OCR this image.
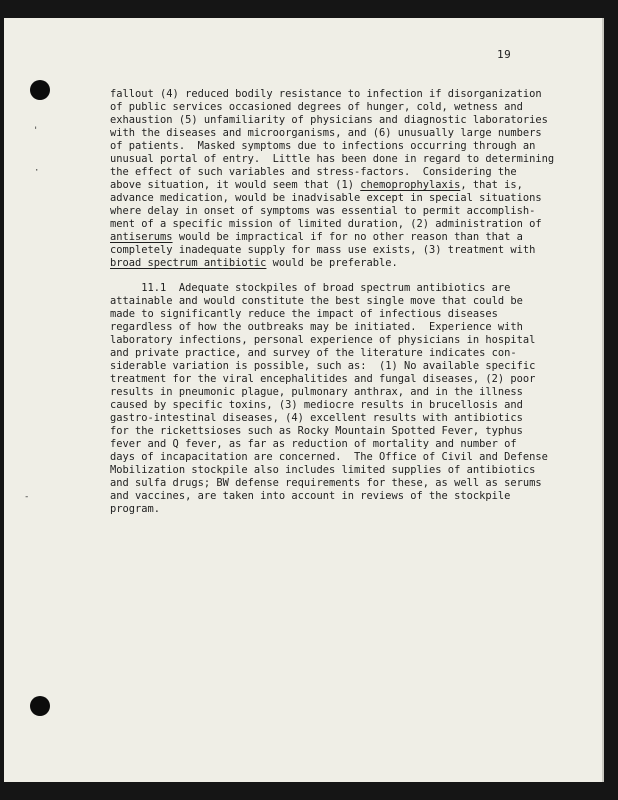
'
·
-
19
fallout (4) reduced bodily resistance to infection if disorganization
of public services occasioned degrees of hunger, cold, wetness and
exhaustion (5) unfamiliarity of physicians and diagnostic laboratories
with the diseases and microorganisms, and (6) unusually large numbers
of patients.  Masked symptoms due to infections occurring through an
unusual portal of entry.  Little has been done in regard to determining
the effect of such variables and stress-factors.  Considering the
above situation, it would seem that (1) chemoprophylaxis, that is,
advance medication, would be inadvisable except in special situations
where delay in onset of symptoms was essential to permit accomplish-
ment of a specific mission of limited duration, (2) administration of
antiserums would be impractical if for no other reason than that a
completely inadequate supply for mass use exists, (3) treatment with
broad spectrum antibiotic would be preferable.
11.1  Adequate stockpiles of broad spectrum antibiotics are
attainable and would constitute the best single move that could be
made to significantly reduce the impact of infectious diseases
regardless of how the outbreaks may be initiated.  Experience with
laboratory infections, personal experience of physicians in hospital
and private practice, and survey of the literature indicates con-
siderable variation is possible, such as:  (1) No available specific
treatment for the viral encephalitides and fungal diseases, (2) poor
results in pneumonic plague, pulmonary anthrax, and in the illness
caused by specific toxins, (3) mediocre results in brucellosis and
gastro-intestinal diseases, (4) excellent results with antibiotics
for the rickettsioses such as Rocky Mountain Spotted Fever, typhus
fever and Q fever, as far as reduction of mortality and number of
days of incapacitation are concerned.  The Office of Civil and Defense
Mobilization stockpile also includes limited supplies of antibiotics
and sulfa drugs; BW defense requirements for these, as well as serums
and vaccines, are taken into account in reviews of the stockpile
program.
